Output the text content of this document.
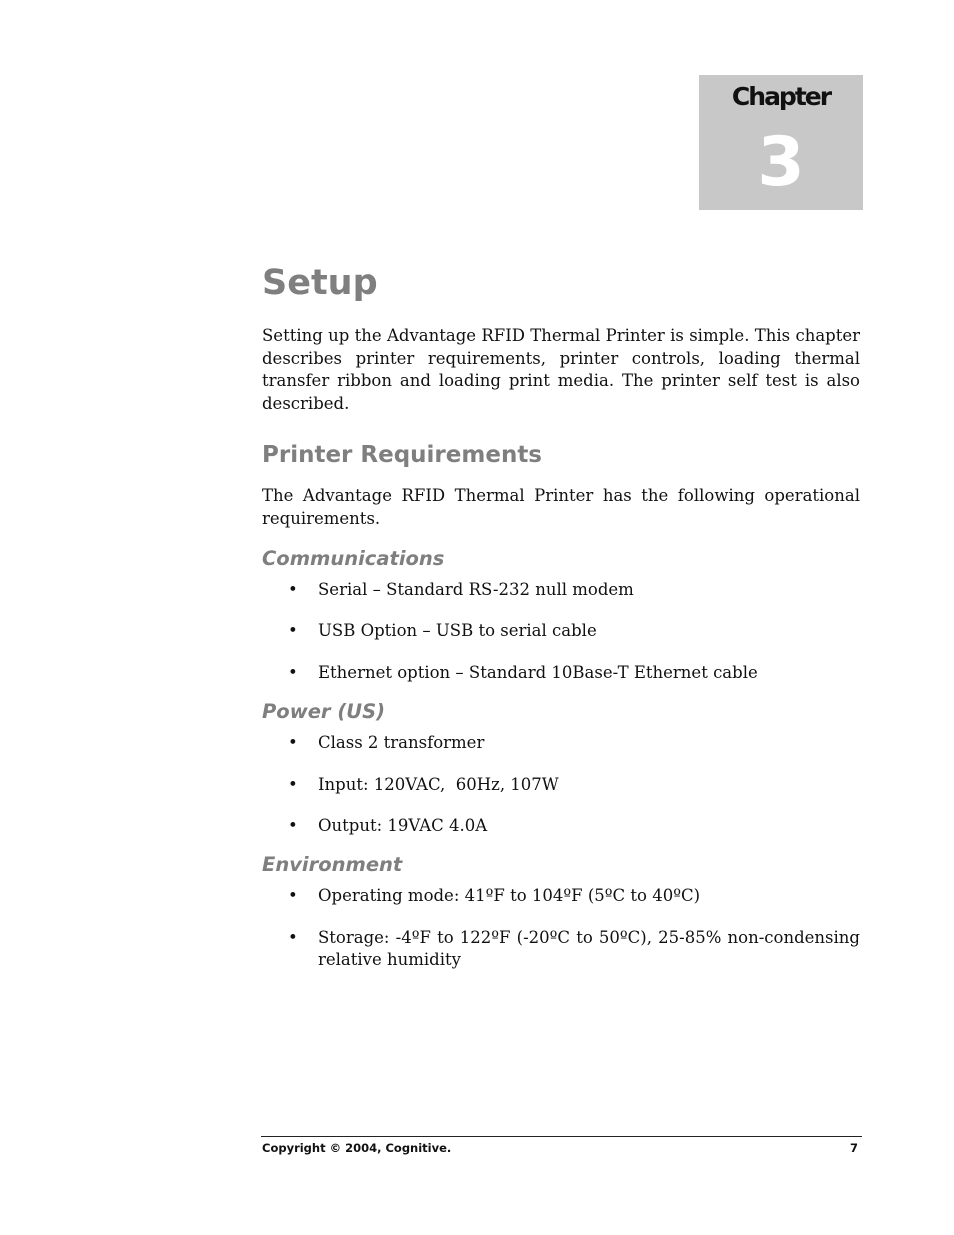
Chapter
3
Setup

Setting up the Advantage RFID Thermal Printer is simple. This chapter describes printer requirements, printer controls, loading thermal transfer ribbon and loading print media. The printer self test is also described.

Printer Requirements

The Advantage RFID Thermal Printer has the following operational requirements.

Communications
• Serial – Standard RS-232 null modem
• USB Option – USB to serial cable
• Ethernet option – Standard 10Base-T Ethernet cable
Power (US)
• Class 2 transformer
• Input: 120VAC,  60Hz, 107W
• Output: 19VAC 4.0A
Environment
• Operating mode: 41ºF to 104ºF (5ºC to 40ºC)
• Storage: -4ºF to 122ºF (-20ºC to 50ºC), 25-85% non-condensing relative humidity
Copyright © 2004, Cognitive.	7
